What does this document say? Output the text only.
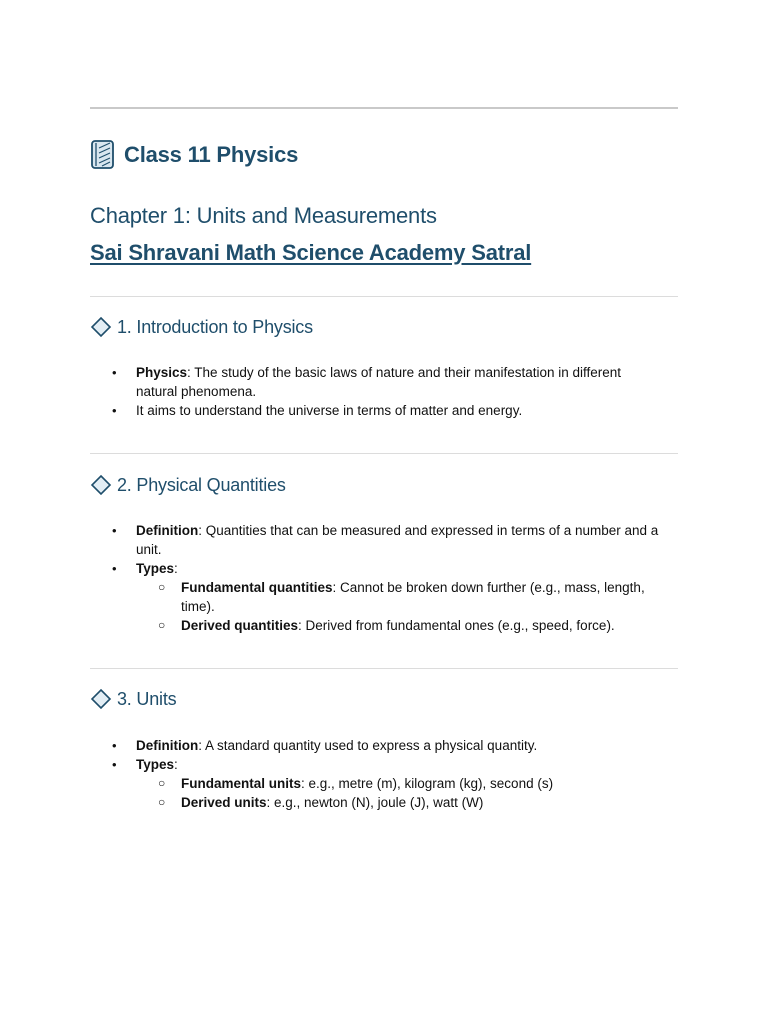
Class 11 Physics
Chapter 1: Units and Measurements
Sai Shravani Math Science Academy Satral
1. Introduction to Physics
• Physics: The study of the basic laws of nature and their manifestation in different natural phenomena.
• It aims to understand the universe in terms of matter and energy.
2. Physical Quantities
• Definition: Quantities that can be measured and expressed in terms of a number and a unit.
• Types:
○ Fundamental quantities: Cannot be broken down further (e.g., mass, length, time).
○ Derived quantities: Derived from fundamental ones (e.g., speed, force).
3. Units
• Definition: A standard quantity used to express a physical quantity.
• Types:
○ Fundamental units: e.g., metre (m), kilogram (kg), second (s)
○ Derived units: e.g., newton (N), joule (J), watt (W)
